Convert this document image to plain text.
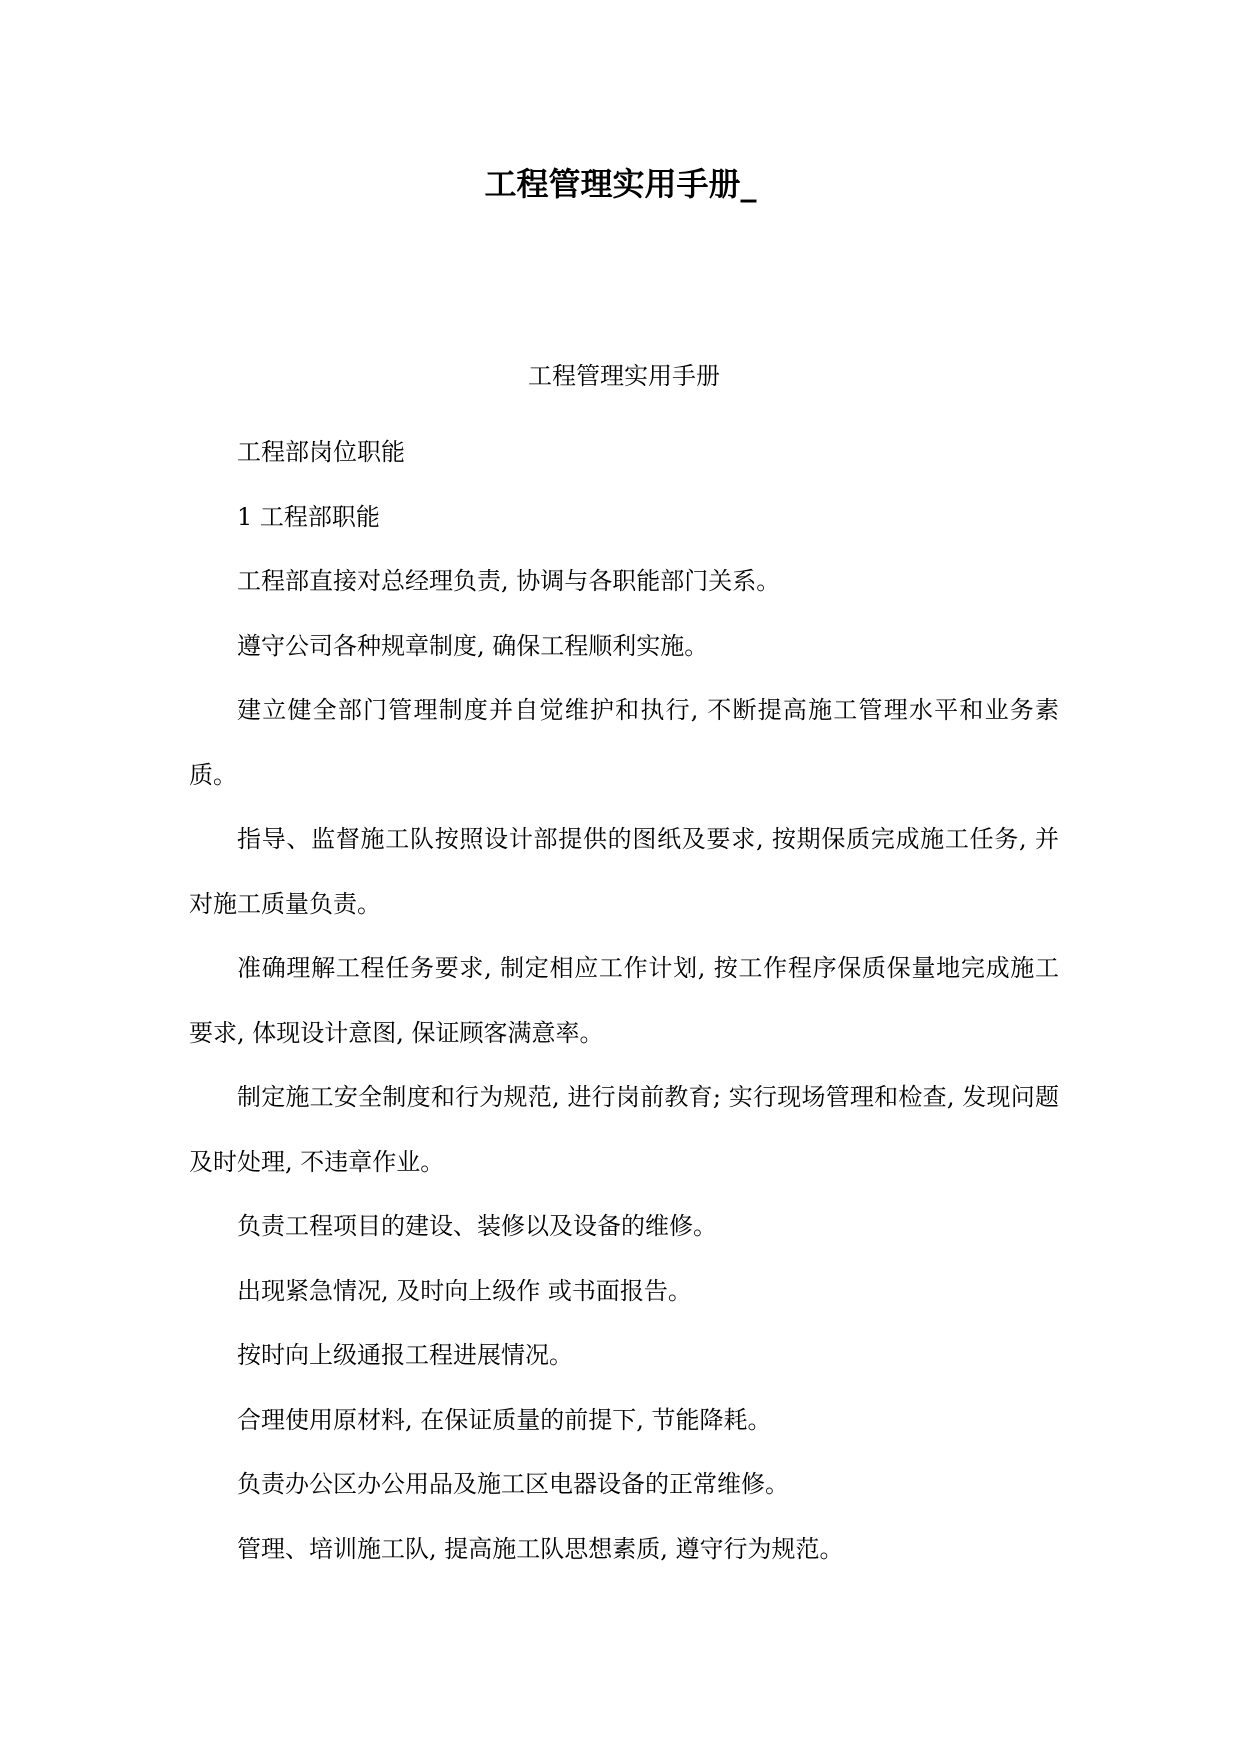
工程管理实用手册_

工程管理实用手册

工程部岗位职能

1 工程部职能

工程部直接对总经理负责, 协调与各职能部门关系。

遵守公司各种规章制度, 确保工程顺利实施。

建立健全部门管理制度并自觉维护和执行, 不断提高施工管理水平和业务素质。

指导、监督施工队按照设计部提供的图纸及要求, 按期保质完成施工任务, 并对施工质量负责。

准确理解工程任务要求, 制定相应工作计划, 按工作程序保质保量地完成施工要求, 体现设计意图, 保证顾客满意率。

制定施工安全制度和行为规范, 进行岗前教育; 实行现场管理和检查, 发现问题及时处理, 不违章作业。

负责工程项目的建设、装修以及设备的维修。

出现紧急情况, 及时向上级作 或书面报告。

按时向上级通报工程进展情况。

合理使用原材料, 在保证质量的前提下, 节能降耗。

负责办公区办公用品及施工区电器设备的正常维修。

管理、培训施工队, 提高施工队思想素质, 遵守行为规范。
